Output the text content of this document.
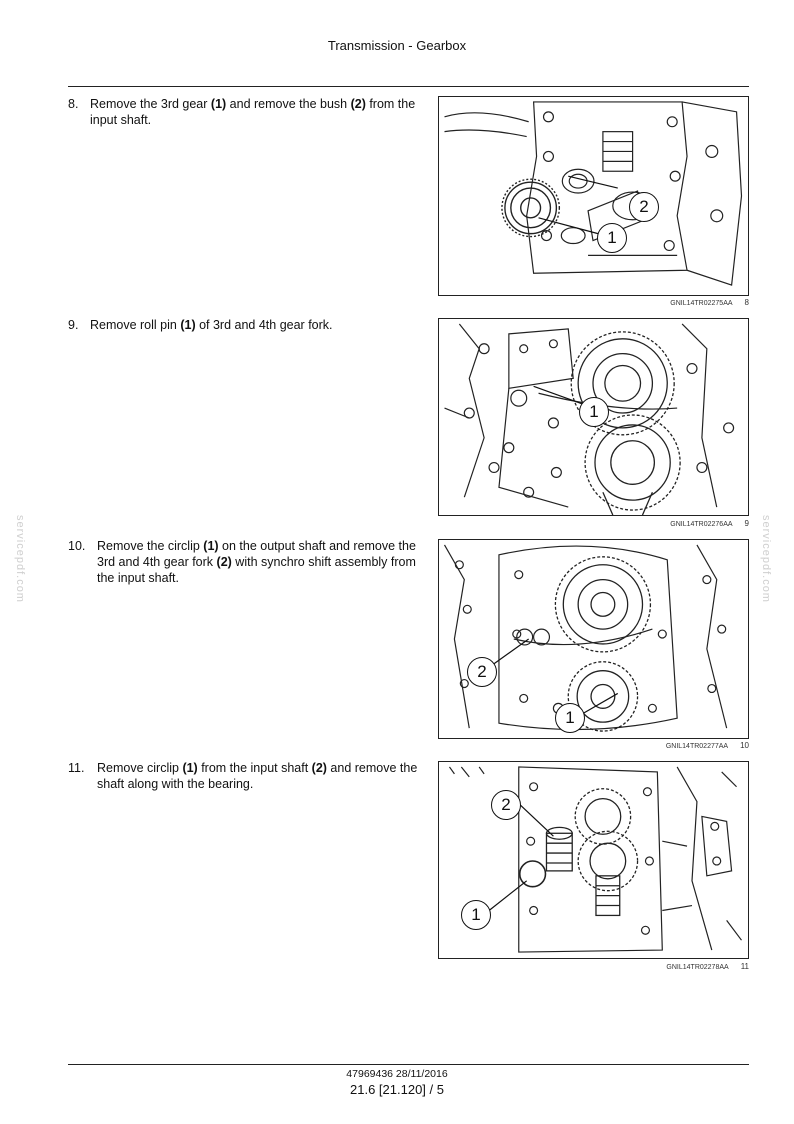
Transmission - Gearbox
8. Remove the 3rd gear (1) and remove the bush (2) from the input shaft.
2
1
GNIL14TR02275AA 8
9. Remove roll pin (1) of 3rd and 4th gear fork.
1
GNIL14TR02276AA 9
10. Remove the circlip (1) on the output shaft and remove the 3rd and 4th gear fork (2) with synchro shift assembly from the input shaft.
2
1
GNIL14TR02277AA 10
11.	Remove circlip (1) from the input shaft (2) and remove the shaft along with the bearing.
2
1
GNIL14TR02278AA 11
servicepdf.com	servicepdf.com
47969436 28/11/2016
21.6 [21.120] / 5
